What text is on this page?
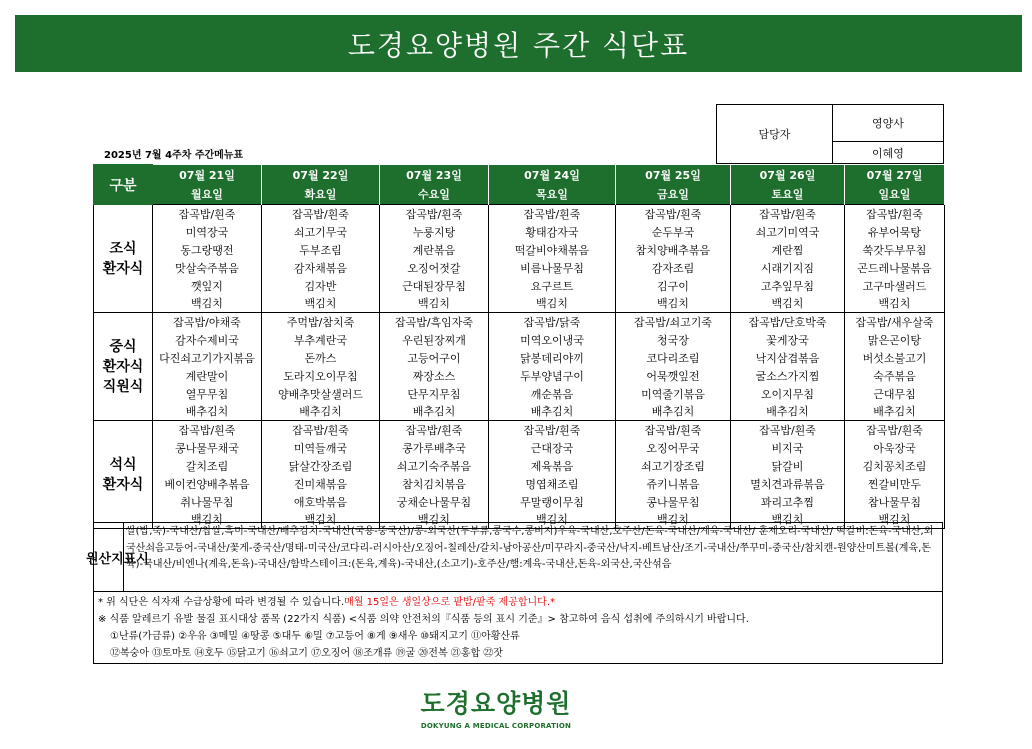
도경요양병원 주간 식단표
담당자	영양사
이혜영
2025년 7월 4주차 주간메뉴표
구분	07월 21일	07월 22일	07월 23일	07월 24일	07월 25일	07월 26일	07월 27일
	월요일	화요일	수요일	목요일	금요일	토요일	일요일

조식
환자식	잡곡밥/흰죽	잡곡밥/흰죽	잡곡밥/흰죽	잡곡밥/흰죽	잡곡밥/흰죽	잡곡밥/흰죽	잡곡밥/흰죽
	미역장국	쇠고기무국	누룽지탕	황태감자국	순두부국	쇠고기미역국	유부어묵탕
	동그랑땡전	두부조림	계란볶음	떡갈비야채볶음	참치양배추볶음	계란찜	쑥갓두부무침
	맛살숙주볶음	감자채볶음	오징어젓갈	비름나물무침	감자조림	시래기지짐	곤드레나물볶음
	깻잎지	김자반	근대된장무침	요구르트	김구이	고추잎무침	고구마샐러드
	백김치	백김치	백김치	백김치	백김치	백김치	백김치

중식
환자식
직원식	잡곡밥/야채죽	주먹밥/참치죽	잡곡밥/흑임자죽	잡곡밥/닭죽	잡곡밥/쇠고기죽	잡곡밥/단호박죽	잡곡밥/새우살죽
	감자수제비국	부추계란국	우린된장찌개	미역오이냉국	청국장	꽃게장국	맑은곤이탕
	다진쇠고기가지볶음	돈까스	고등어구이	닭봉데리야끼	코다리조림	낙지삼겹볶음	버섯소불고기
	계란말이	도라지오이무침	짜장소스	두부양념구이	어묵깻잎전	굴소스가지찜	숙주볶음
	열무무침	양배추맛살샐러드	단무지무침	깨순볶음	미역줄기볶음	오이지무침	근대무침
	배추김치	배추김치	배추김치	배추김치	배추김치	배추김치	배추김치

석식
환자식	잡곡밥/흰죽	잡곡밥/흰죽	잡곡밥/흰죽	잡곡밥/흰죽	잡곡밥/흰죽	잡곡밥/흰죽	잡곡밥/흰죽
	콩나물무채국	미역들깨국	콩가루배추국	근대장국	오징어무국	비지국	아욱장국
	갈치조림	닭살간장조림	쇠고기숙주볶음	제육볶음	쇠고기장조림	닭갈비	김치꽁치조림
	베이컨양배추볶음	진미채볶음	참치김치볶음	명엽채조림	쥬키니볶음	멸치견과류볶음	찐갈비만두
	취나물무침	애호박볶음	궁채순나물무침	무말랭이무침	콩나물무침	꽈리고추찜	참나물무침
	백김치	백김치	백김치	백김치	백김치	백김치	백김치
원산지표시
쌀(밥,죽)-국내산/찹쌀,흑미-국내산/배추김치-국내산(국용-중국산)/콩-외국산(두부류,콩국수,콩비지)우육-국내산,호주산/돈육-국내산/계육-국내산/ 훈제오리-국내산/ 떡갈비:돈육-국내산,외국산쇠음고등어-국내산/꽃게-중국산/명태-미국산/코다리-러시아산/오징어-칠레산/갈치-남아공산/미꾸라지-중국산/낙지-베트남산/조기-국내산/쭈꾸미-중국산/참치캔-원양산미트볼(계육,돈육)-국내산/비엔나(계육,돈육)-국내산/함박스테이크:(돈육,계육)-국내산,(소고기)-호주산/햄:계육-국내산,돈육-외국산,국산섞음
* 위 식단은 식자재 수급상황에 따라 변경될 수 있습니다.매월 15일은 생일상으로 팥밥/팥죽 제공합니다.*
※ 식품 알레르기 유발 물질 표시대상 품목 (22가지 식품) <식품 의약 안전처의『식품 등의 표시 기준』> 참고하여 음식 섭취에 주의하시기 바랍니다.
①난류(가금류) ②우유 ③메밀 ④땅콩 ⑤대두 ⑥밀 ⑦고등어 ⑧게 ⑨새우 ⑩돼지고기 ⑪아황산류
⑫복숭아 ⑬토마토 ⑭호두 ⑮닭고기 ⑯쇠고기 ⑰오징어 ⑱조개류 ⑲굴 ⑳전복 ㉑홍합 ㉒잣
도경요양병원
DOKYUNG A MEDICAL CORPORATION
